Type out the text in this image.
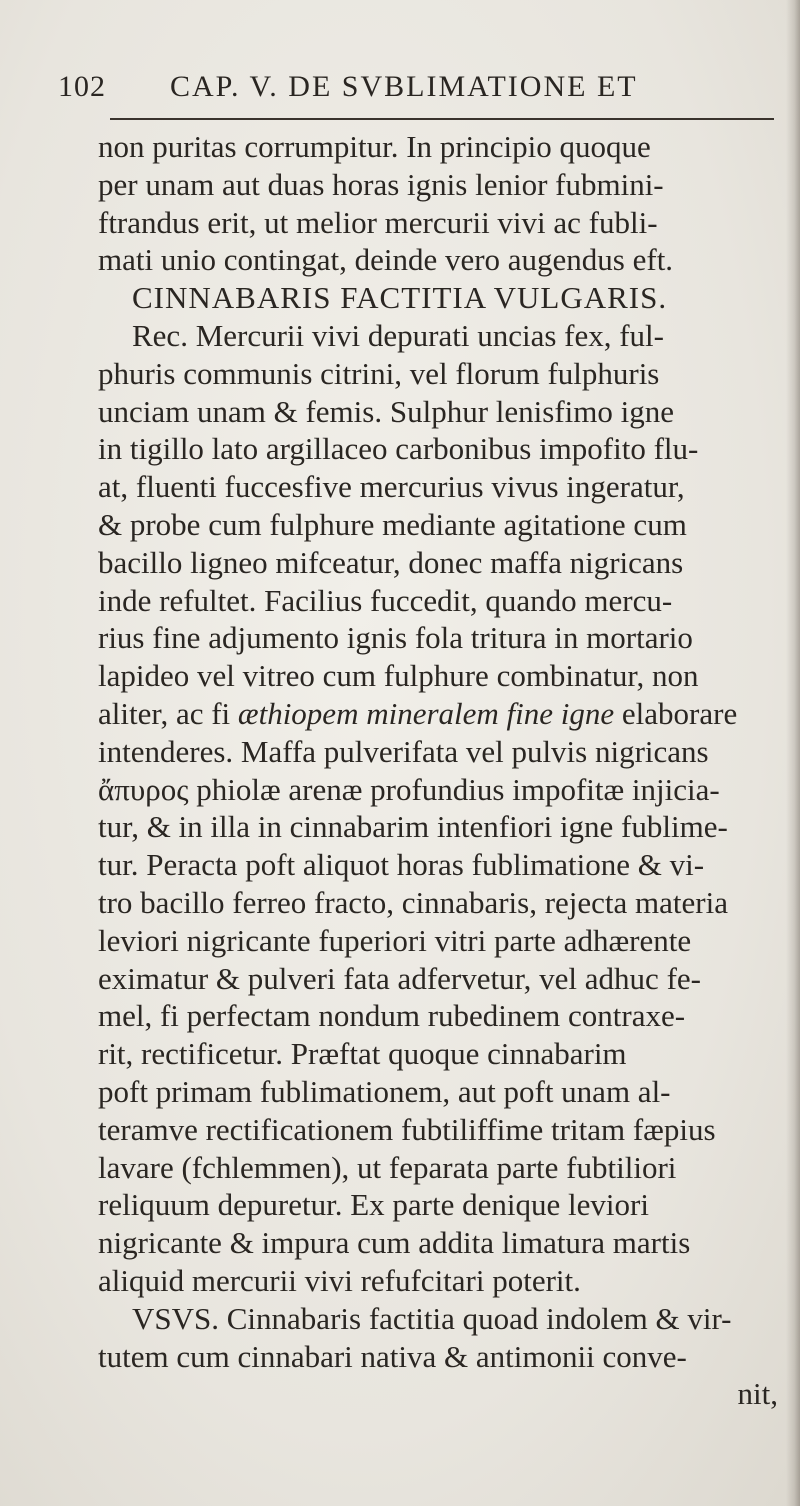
102 CAP. V. DE SVBLIMATIONE ET
non puritas corrumpitur. In principio quoque
per unam aut duas horas ignis lenior fubmini-
ftrandus erit, ut melior mercurii vivi ac fubli-
mati unio contingat, deinde vero augendus eft.
CINNABARIS FACTITIA VULGARIS.
Rec. Mercurii vivi depurati uncias fex, ful-
phuris communis citrini, vel florum fulphuris
unciam unam & femis. Sulphur lenisfimo igne
in tigillo lato argillaceo carbonibus impofito flu-
at, fluenti fuccesfive mercurius vivus ingeratur,
& probe cum fulphure mediante agitatione cum
bacillo ligneo mifceatur, donec maffa nigricans
inde refultet. Facilius fuccedit, quando mercu-
rius fine adjumento ignis fola tritura in mortario
lapideo vel vitreo cum fulphure combinatur, non
aliter, ac fi æthiopem mineralem fine igne elaborare
intenderes. Maffa pulverifata vel pulvis nigricans
ἄπυρος phiolæ arenæ profundius impofitæ injicia-
tur, & in illa in cinnabarim intenfiori igne fublime-
tur. Peracta poft aliquot horas fublimatione & vi-
tro bacillo ferreo fracto, cinnabaris, rejecta materia
leviori nigricante fuperiori vitri parte adhærente
eximatur & pulveri fata adfervetur, vel adhuc fe-
mel, fi perfectam nondum rubedinem contraxe-
rit, rectificetur. Præftat quoque cinnabarim
poft primam fublimationem, aut poft unam al-
teramve rectificationem fubtiliffime tritam fæpius
lavare (fchlemmen), ut feparata parte fubtiliori
reliquum depuretur. Ex parte denique leviori
nigricante & impura cum addita limatura martis
aliquid mercurii vivi refufcitari poterit.
VSVS. Cinnabaris factitia quoad indolem & vir-
tutem cum cinnabari nativa & antimonii conve-
nit,
